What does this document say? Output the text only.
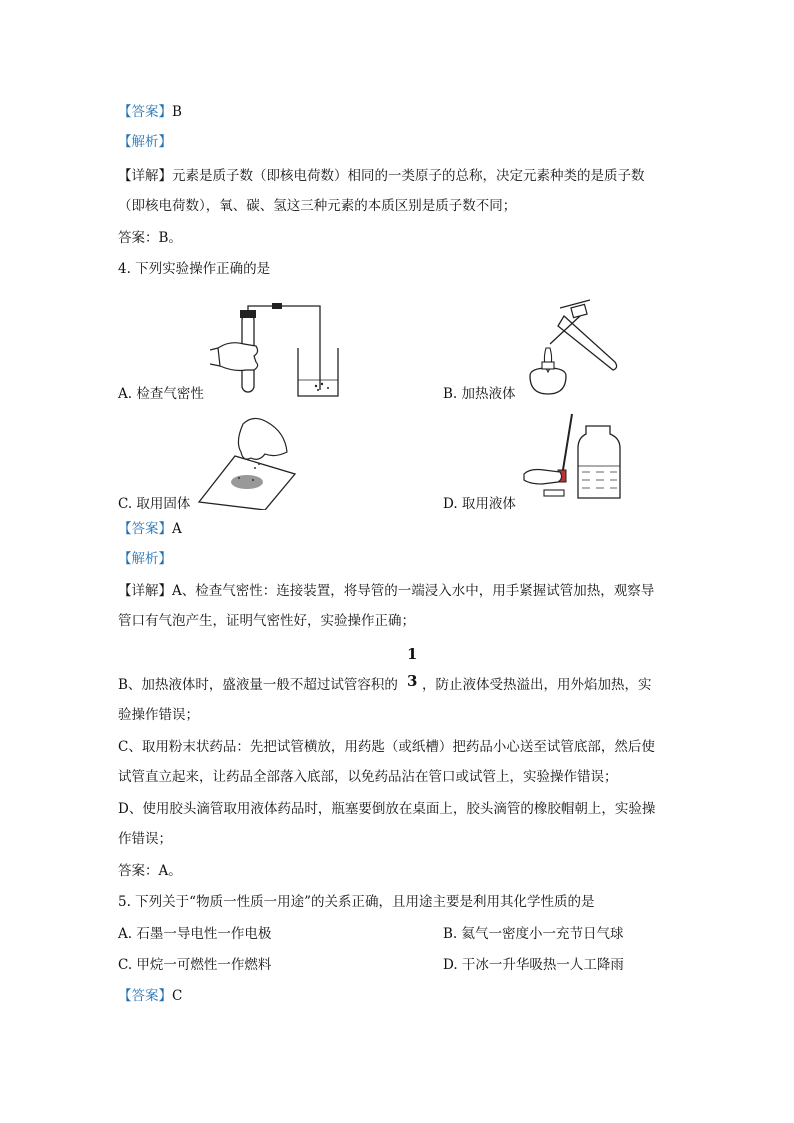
【答案】B
【解析】
【详解】元素是质子数（即核电荷数）相同的一类原子的总称，决定元素种类的是质子数
（即核电荷数），氧、碳、氢这三种元素的本质区别是质子数不同；
答案：B。
4. 下列实验操作正确的是
A. 检查气密性	B. 加热液体
C. 取用固体	D. 取用液体
【答案】A
【解析】
【详解】A、检查气密性：连接装置，将导管的一端浸入水中，用手紧握试管加热，观察导
管口有气泡产生，证明气密性好，实验操作正确；
1
3
B、加热液体时，盛液量一般不超过试管容积的 ，防止液体受热溢出，用外焰加热，实
验操作错误；
C、取用粉末状药品：先把试管横放，用药匙（或纸槽）把药品小心送至试管底部，然后使
试管直立起来，让药品全部落入底部，以免药品沾在管口或试管上，实验操作错误；
D、使用胶头滴管取用液体药品时，瓶塞要倒放在桌面上，胶头滴管的橡胶帽朝上，实验操
作错误；
答案：A。
5. 下列关于“物质一性质一用途”的关系正确，且用途主要是利用其化学性质的是
A. 石墨一导电性一作电极	B. 氦气一密度小一充节日气球
C. 甲烷一可燃性一作燃料	D. 干冰一升华吸热一人工降雨
【答案】C
